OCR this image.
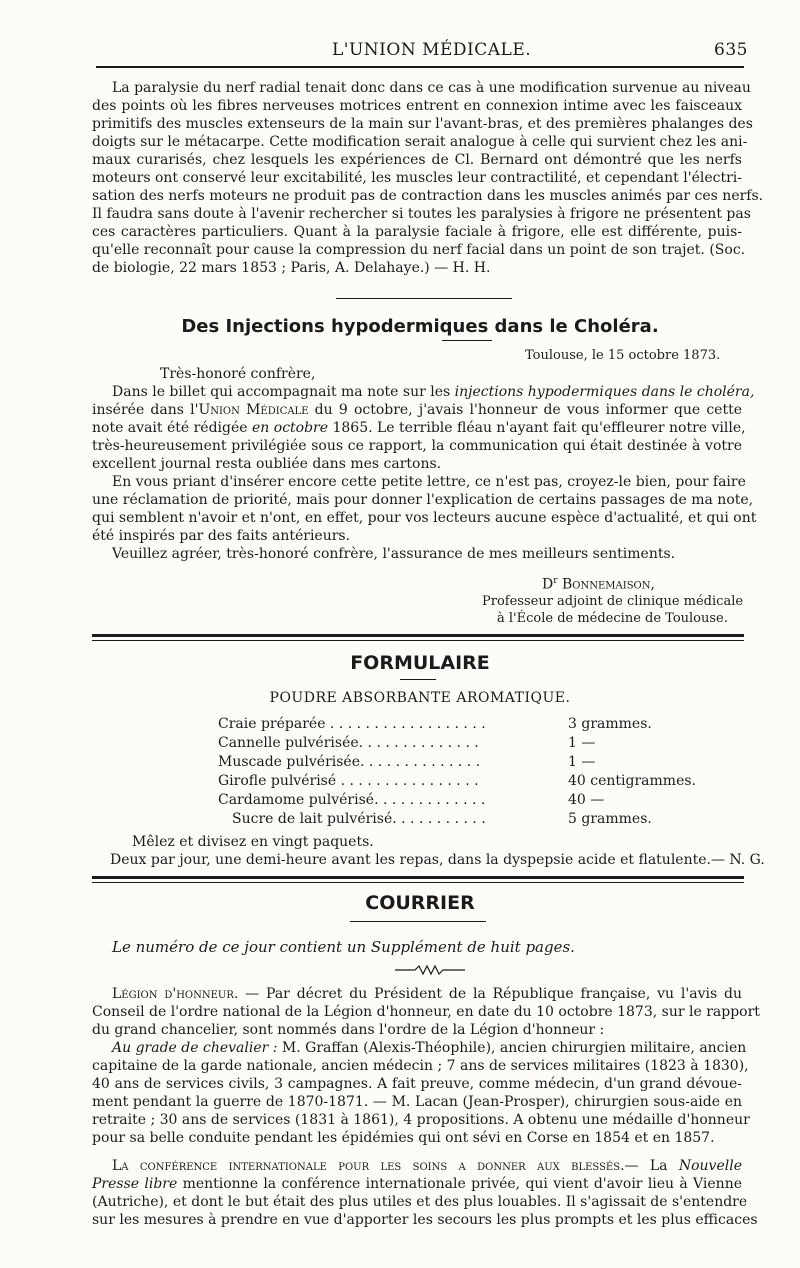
L'UNION MÉDICALE.	635

La paralysie du nerf radial tenait donc dans ce cas à une modification survenue au niveau

des points où les fibres nerveuses motrices entrent en connexion intime avec les faisceaux

primitifs des muscles extenseurs de la main sur l'avant-bras, et des premières phalanges des

doigts sur le métacarpe. Cette modification serait analogue à celle qui survient chez les ani-

maux curarisés, chez lesquels les expériences de Cl. Bernard ont démontré que les nerfs

moteurs ont conservé leur excitabilité, les muscles leur contractilité, et cependant l'électri-

sation des nerfs moteurs ne produit pas de contraction dans les muscles animés par ces nerfs.

Il faudra sans doute à l'avenir rechercher si toutes les paralysies à frigore ne présentent pas

ces caractères particuliers. Quant à la paralysie faciale à frigore, elle est différente, puis-

qu'elle reconnaît pour cause la compression du nerf facial dans un point de son trajet. (Soc.

de biologie, 22 mars 1853 ; Paris, A. Delahaye.) — H. H.

Des Injections hypodermiques dans le Choléra.
Toulouse, le 15 octobre 1873.
Très-honoré confrère,

Dans le billet qui accompagnait ma note sur les injections hypodermiques dans le choléra,

insérée dans l'Union Médicale du 9 octobre, j'avais l'honneur de vous informer que cette

note avait été rédigée en octobre 1865. Le terrible fléau n'ayant fait qu'effleurer notre ville,

très-heureusement privilégiée sous ce rapport, la communication qui était destinée à votre

excellent journal resta oubliée dans mes cartons.

En vous priant d'insérer encore cette petite lettre, ce n'est pas, croyez-le bien, pour faire

une réclamation de priorité, mais pour donner l'explication de certains passages de ma note,

qui semblent n'avoir et n'ont, en effet, pour vos lecteurs aucune espèce d'actualité, et qui ont

été inspirés par des faits antérieurs.

Veuillez agréer, très-honoré confrère, l'assurance de mes meilleurs sentiments.

$D^r$ Bonnemaison,
Professeur adjoint de clinique médicale
à l'École de médecine de Toulouse.
FORMULAIRE
POUDRE ABSORBANTE AROMATIQUE.
Craie préparée . . . . . . . . . . . . . . . . . .	3 grammes.
Cannelle pulvérisée. . . . . . . . . . . . . .	1 —
Muscade pulvérisée. . . . . . . . . . . . . .	1 —
Girofle pulvérisé . . . . . . . . . . . . . . . .	40 centigrammes.
Cardamome pulvérisé. . . . . . . . . . . . .	40 —
Sucre de lait pulvérisé. . . . . . . . . . .	5 grammes.
Mêlez et divisez en vingt paquets.
Deux par jour, une demi-heure avant les repas, dans la dyspepsie acide et flatulente.— N. G.
COURRIER
Le numéro de ce jour contient un Supplément de huit pages.

Légion d'honneur. — Par décret du Président de la République française, vu l'avis du

Conseil de l'ordre national de la Légion d'honneur, en date du 10 octobre 1873, sur le rapport

du grand chancelier, sont nommés dans l'ordre de la Légion d'honneur :

Au grade de chevalier : M. Graffan (Alexis-Théophile), ancien chirurgien militaire, ancien

capitaine de la garde nationale, ancien médecin ; 7 ans de services militaires (1823 à 1830),

40 ans de services civils, 3 campagnes. A fait preuve, comme médecin, d'un grand dévoue-

ment pendant la guerre de 1870-1871. — M. Lacan (Jean-Prosper), chirurgien sous-aide en

retraite ; 30 ans de services (1831 à 1861), 4 propositions. A obtenu une médaille d'honneur

pour sa belle conduite pendant les épidémies qui ont sévi en Corse en 1854 et en 1857.

La conférence internationale pour les soins a donner aux blessés.— La Nouvelle

Presse libre mentionne la conférence internationale privée, qui vient d'avoir lieu à Vienne

(Autriche), et dont le but était des plus utiles et des plus louables. Il s'agissait de s'entendre

sur les mesures à prendre en vue d'apporter les secours les plus prompts et les plus efficaces
